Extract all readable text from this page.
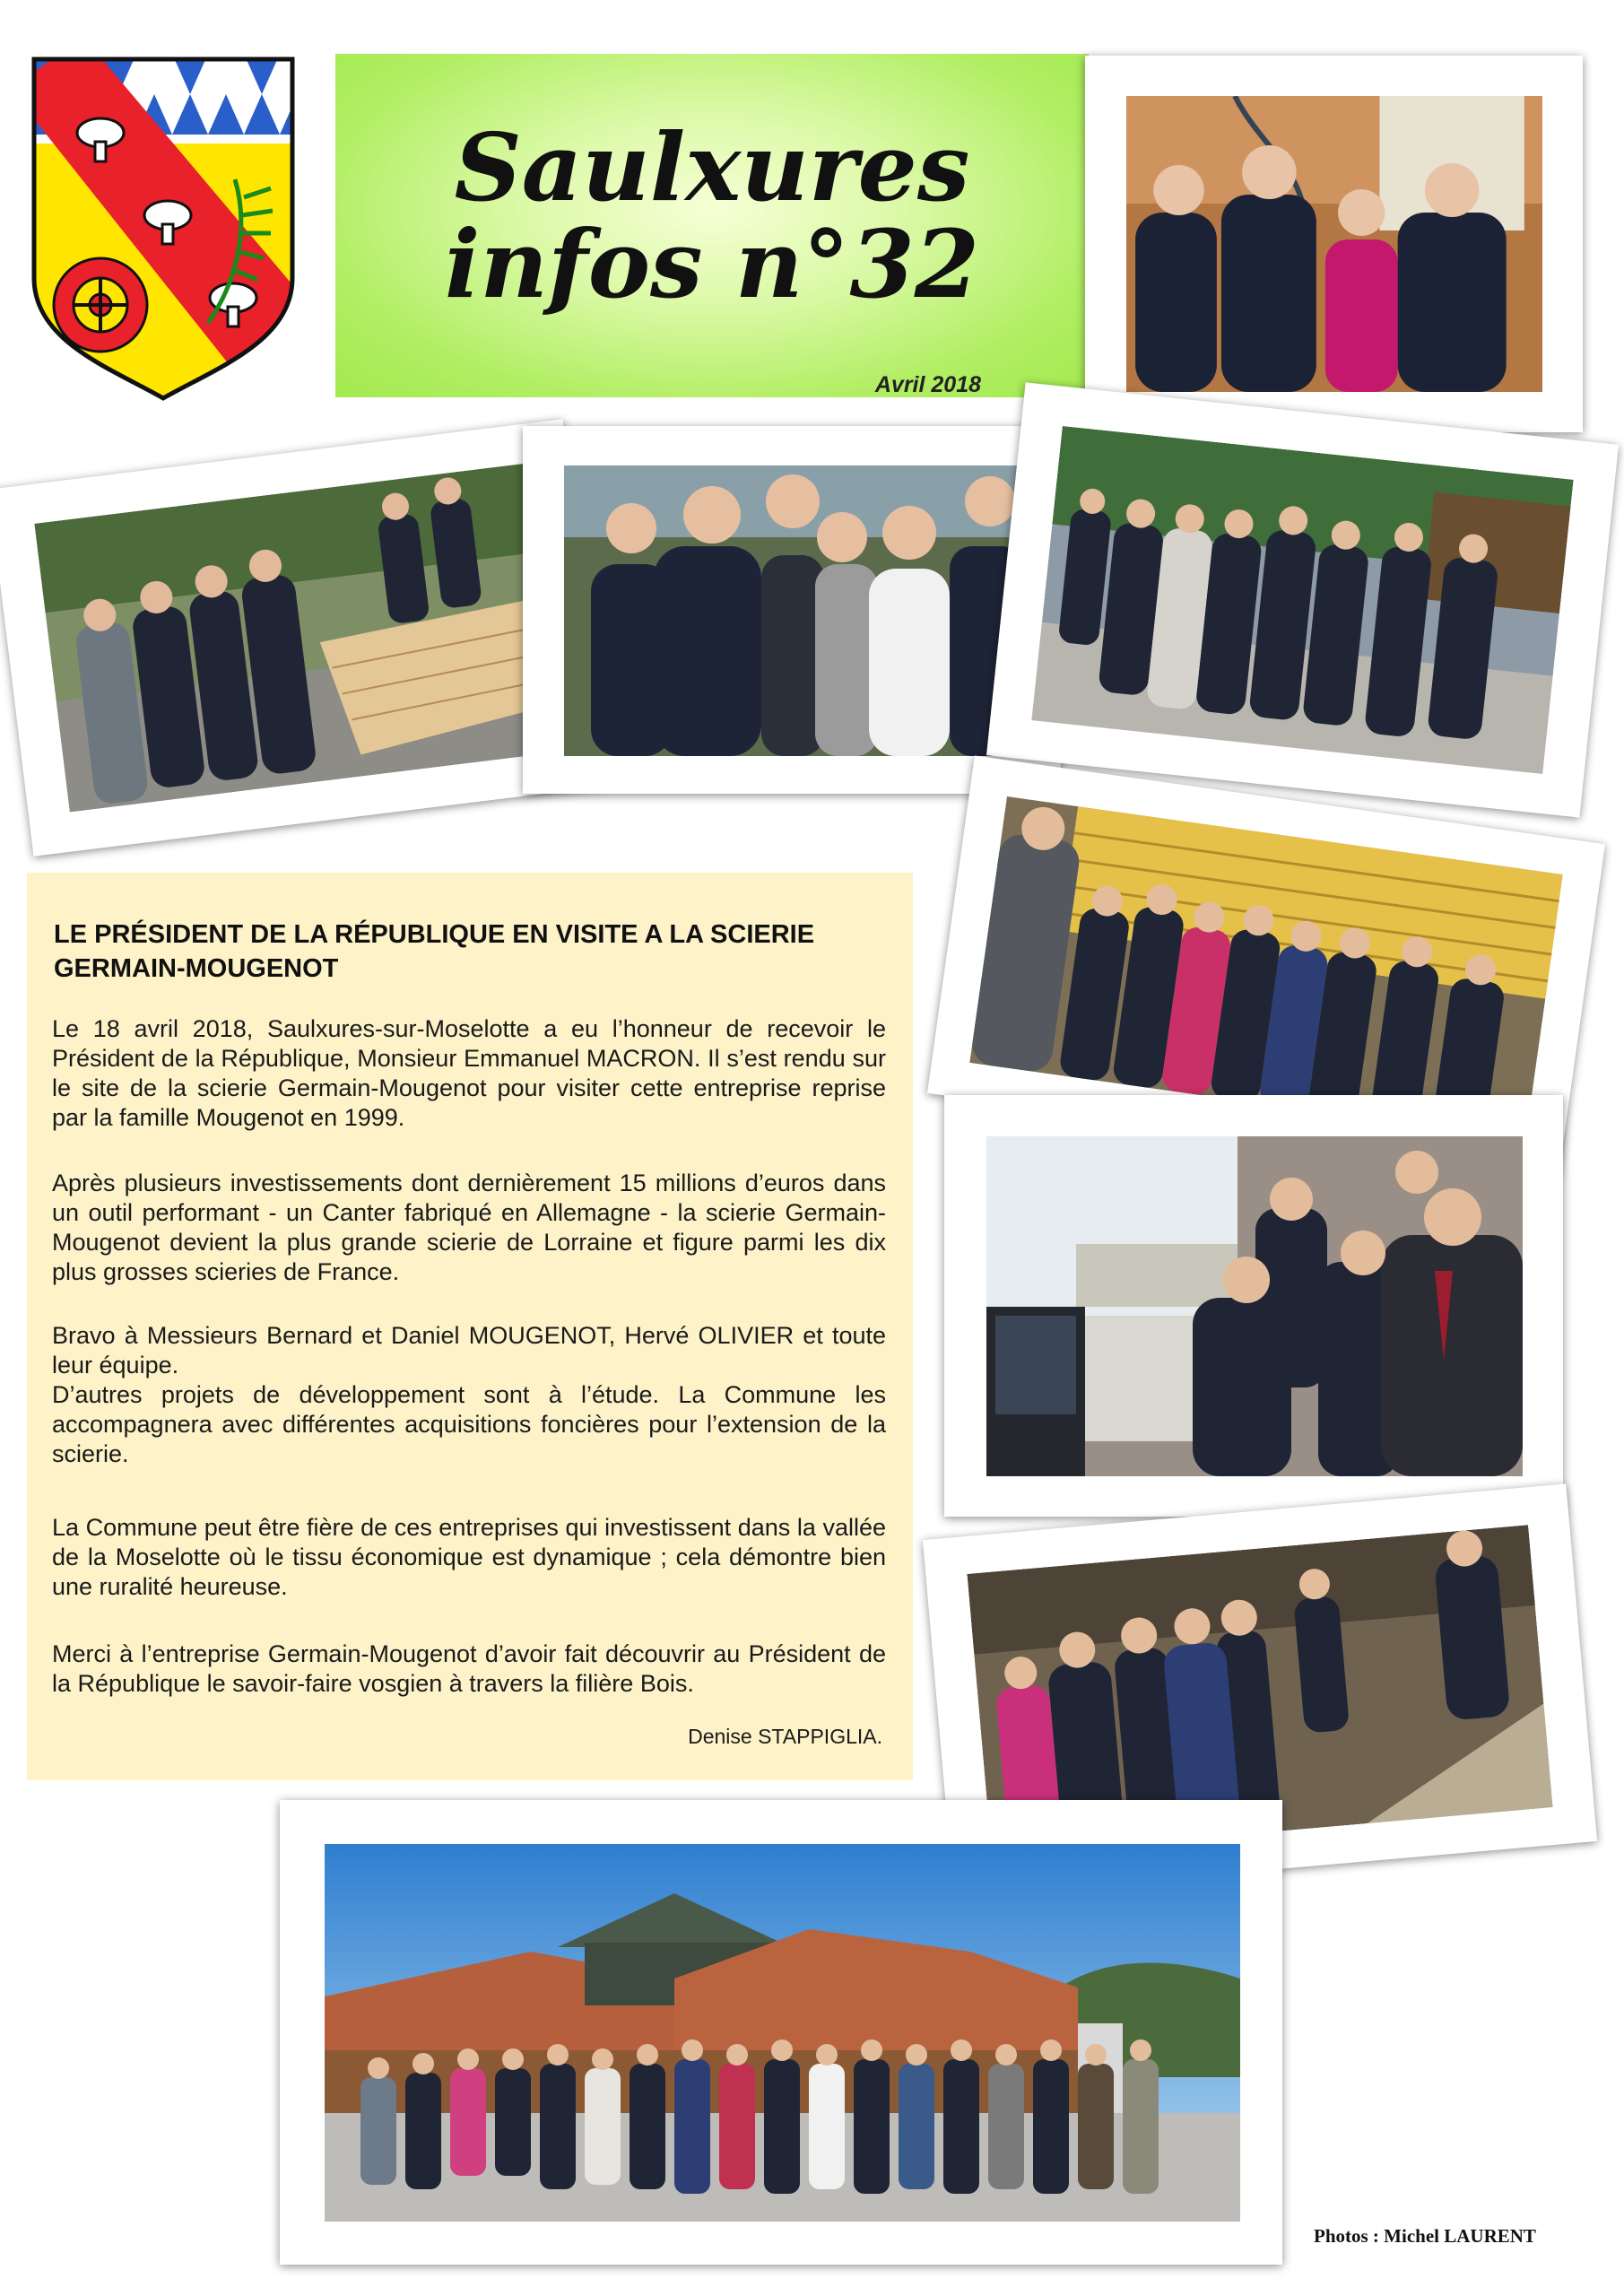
Saulxures
infos n°32
Avril 2018
LE PRÉSIDENT DE LA RÉPUBLIQUE EN VISITE A LA SCIERIE GERMAIN-MOUGENOT
Le 18 avril 2018, Saulxures-sur-Moselotte a eu l’honneur de recevoir le Président de la République, Monsieur Emmanuel MACRON. Il s’est rendu sur le site de la scierie Germain-Mougenot pour visiter cette entreprise reprise par la famille Mougenot en 1999.
Après plusieurs investissements dont dernièrement 15 millions d’euros dans un outil performant - un Canter fabriqué en Allemagne - la scierie Germain-Mougenot devient la plus grande scierie de Lorraine et figure parmi les dix plus grosses scieries de France.
Bravo à Messieurs Bernard et Daniel MOUGENOT, Hervé OLIVIER et toute leur équipe.
D’autres projets de développement sont à l’étude. La Commune les accompagnera avec différentes acquisitions foncières pour l’extension de la scierie.
La Commune peut être fière de ces entreprises qui investissent dans la vallée de la Moselotte où le tissu économique est dynamique ; cela démontre bien une ruralité heureuse.
Merci à l’entreprise Germain-Mougenot d’avoir fait découvrir au Président de la République le savoir-faire vosgien à travers la filière Bois.
Denise STAPPIGLIA.
Photos : Michel LAURENT
